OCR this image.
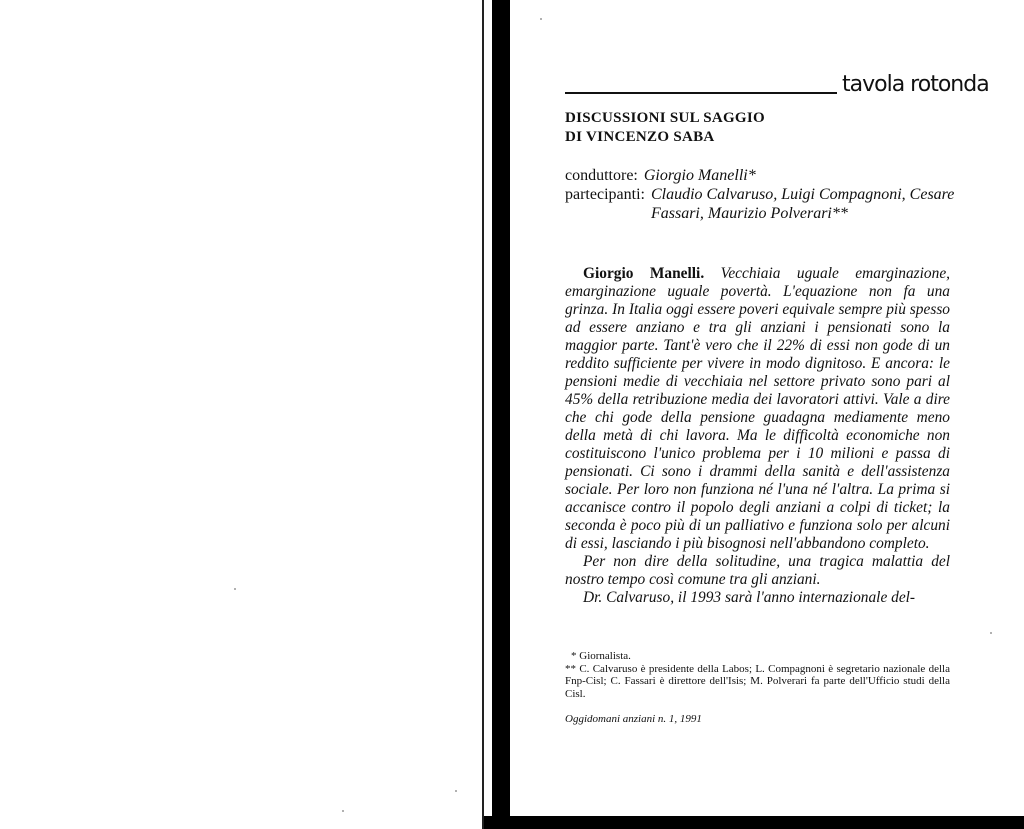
tavola rotonda
DISCUSSIONI SUL SAGGIO
DI VINCENZO SABA
conduttore: Giorgio Manelli*
partecipanti: Claudio Calvaruso, Luigi Compagnoni, Cesare Fassari, Maurizio Polverari**

Giorgio Manelli. Vecchiaia uguale emarginazione, emarginazione uguale povertà. L'equazione non fa una grinza. In Italia oggi essere poveri equivale sempre più spesso ad essere anziano e tra gli anziani i pensionati sono la maggior parte. Tant'è vero che il 22% di essi non gode di un reddito sufficiente per vivere in modo dignitoso. E ancora: le pensioni medie di vecchiaia nel settore privato sono pari al 45% della retribuzione media dei lavoratori attivi. Vale a dire che chi gode della pensione guadagna mediamente meno della metà di chi lavora. Ma le difficoltà economiche non costituiscono l'unico problema per i 10 milioni e passa di pensionati. Ci sono i drammi della sanità e dell'assistenza sociale. Per loro non funziona né l'una né l'altra. La prima si accanisce contro il popolo degli anziani a colpi di ticket; la seconda è poco più di un palliativo e funziona solo per alcuni di essi, lasciando i più bisognosi nell'abbandono completo.

Per non dire della solitudine, una tragica malattia del nostro tempo così comune tra gli anziani.

Dr. Calvaruso, il 1993 sarà l'anno internazionale del-

* Giornalista.

** C. Calvaruso è presidente della Labos; L. Compagnoni è segretario nazionale della Fnp-Cisl; C. Fassari è direttore dell'Isis; M. Polverari fa parte dell'Ufficio studi della Cisl.

Oggidomani anziani n. 1, 1991
